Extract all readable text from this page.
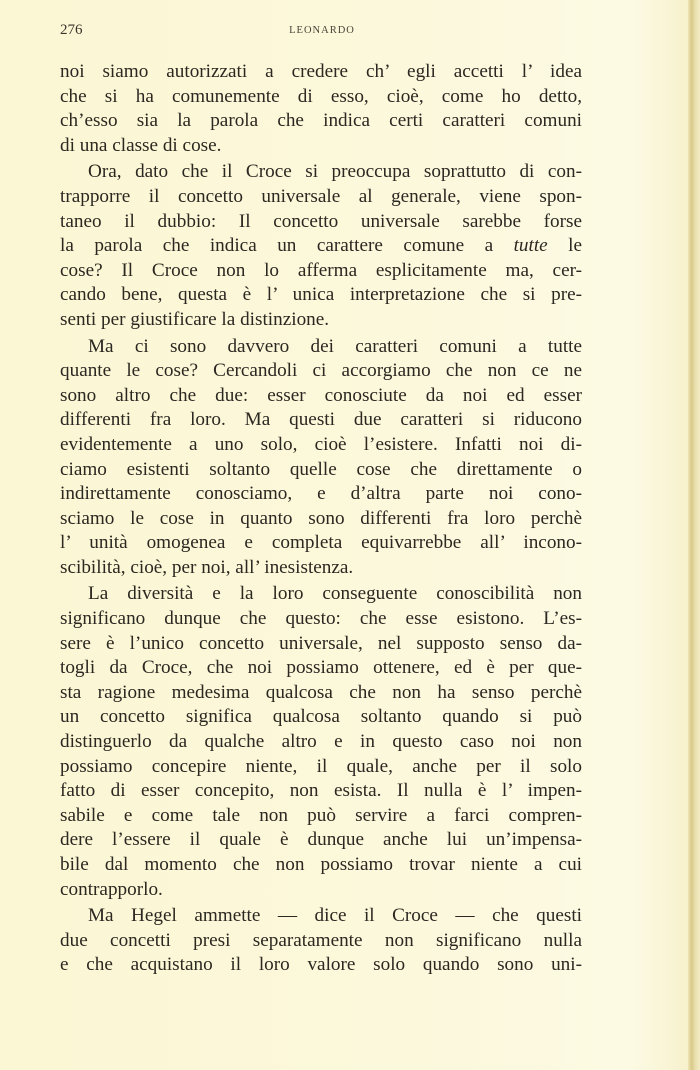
276	LEONARDO
noi siamo autorizzati a credere ch’ egli accetti l’ idea
che si ha comunemente di esso, cioè, come ho detto,
ch’esso sia la parola che indica certi caratteri comuni
di una classe di cose.
Ora, dato che il Croce si preoccupa soprattutto di con-
trapporre il concetto universale al generale, viene spon-
taneo il dubbio: Il concetto universale sarebbe forse
la parola che indica un carattere comune a tutte le
cose? Il Croce non lo afferma esplicitamente ma, cer-
cando bene, questa è l’ unica interpretazione che si pre-
senti per giustificare la distinzione.
Ma ci sono davvero dei caratteri comuni a tutte
quante le cose? Cercandoli ci accorgiamo che non ce ne
sono altro che due: esser conosciute da noi ed esser
differenti fra loro. Ma questi due caratteri si riducono
evidentemente a uno solo, cioè l’esistere. Infatti noi di-
ciamo esistenti soltanto quelle cose che direttamente o
indirettamente conosciamo, e d’altra parte noi cono-
sciamo le cose in quanto sono differenti fra loro perchè
l’ unità omogenea e completa equivarrebbe all’ incono-
scibilità, cioè, per noi, all’ inesistenza.
La diversità e la loro conseguente conoscibilità non
significano dunque che questo: che esse esistono. L’es-
sere è l’unico concetto universale, nel supposto senso da-
togli da Croce, che noi possiamo ottenere, ed è per que-
sta ragione medesima qualcosa che non ha senso perchè
un concetto significa qualcosa soltanto quando si può
distinguerlo da qualche altro e in questo caso noi non
possiamo concepire niente, il quale, anche per il solo
fatto di esser concepito, non esista. Il nulla è l’ impen-
sabile e come tale non può servire a farci compren-
dere l’essere il quale è dunque anche lui un’impensa-
bile dal momento che non possiamo trovar niente a cui
contrapporlo.
Ma Hegel ammette — dice il Croce — che questi
due concetti presi separatamente non significano nulla
e che acquistano il loro valore solo quando sono uni-
